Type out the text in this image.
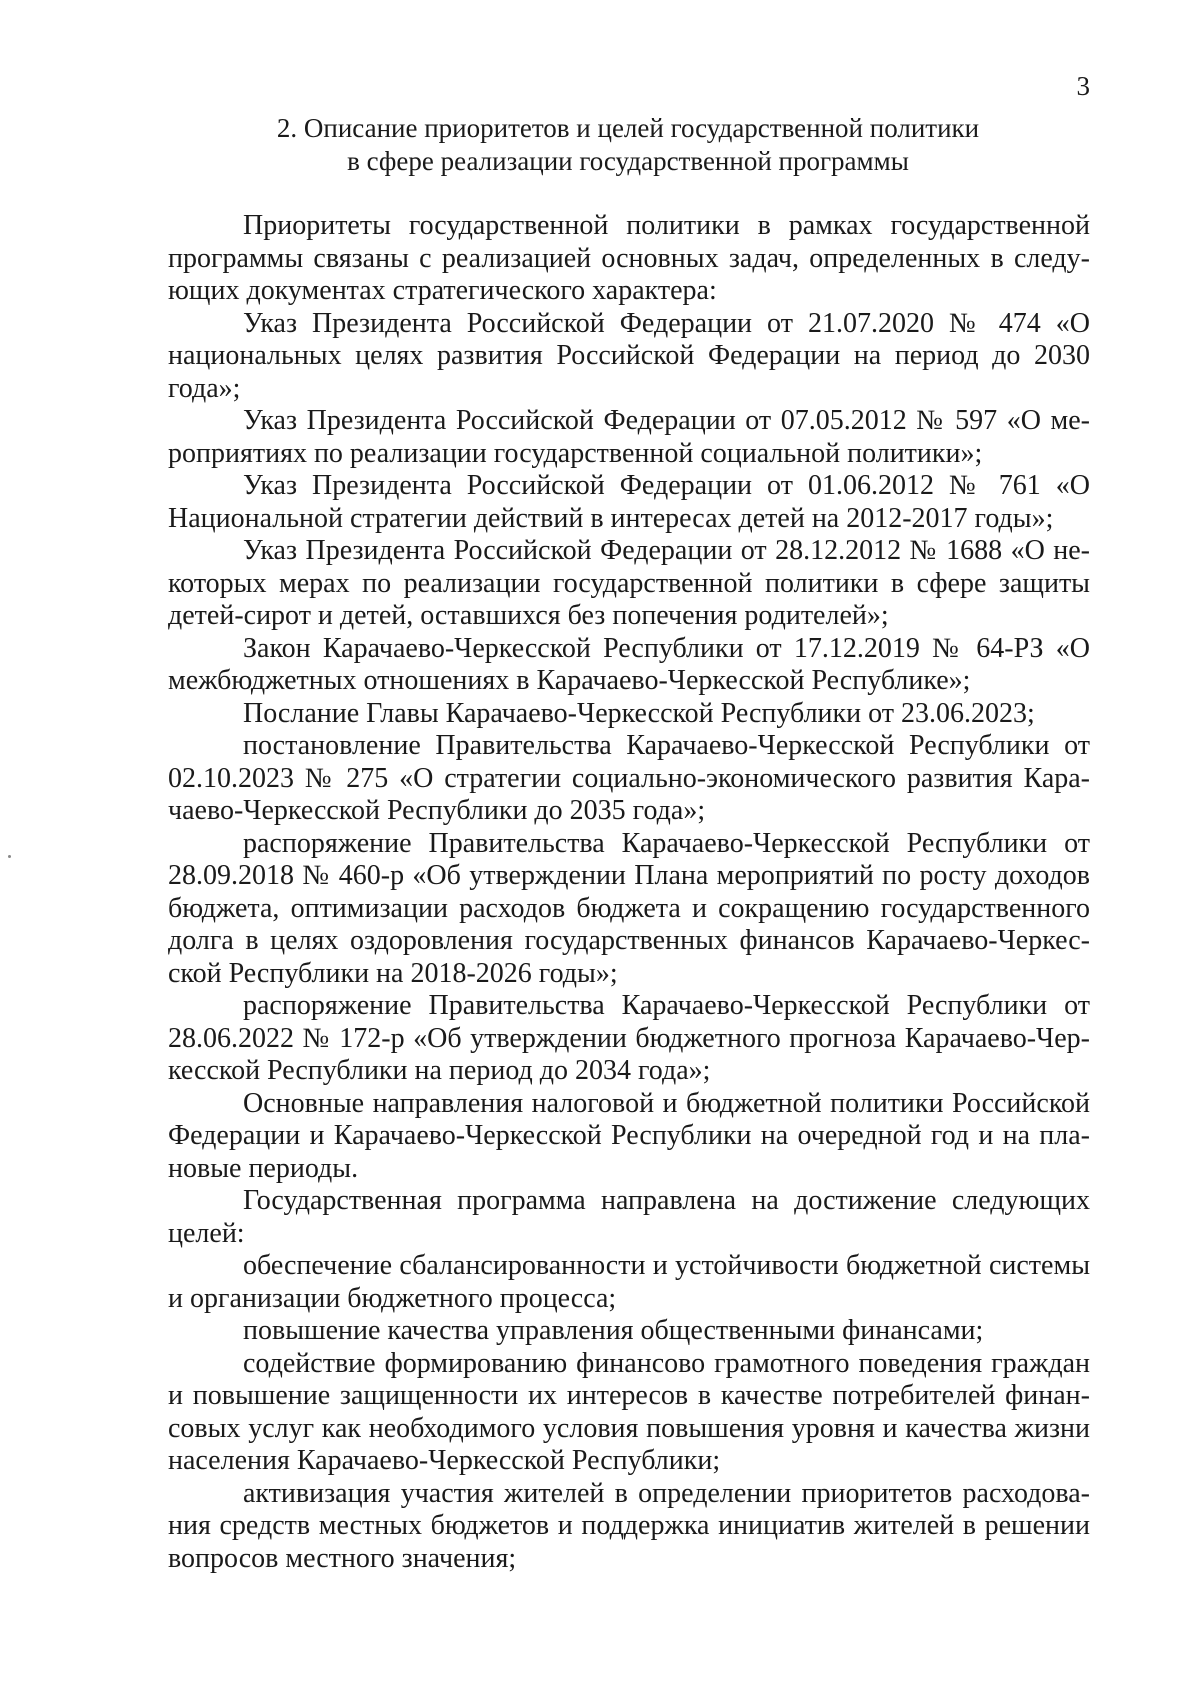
3
2. Описание приоритетов и целей государственной политики
в сфере реализации государственной программы

Приоритеты государственной политики в рамках государственной программы связаны с реализацией основных задач, определенных в следующих документах стратегического характера:

Указ Президента Российской Федерации от 21.07.2020 № 474 «О национальных целях развития Российской Федерации на период до 2030 года»;

Указ Президента Российской Федерации от 07.05.2012 № 597 «О мероприятиях по реализации государственной социальной политики»;

Указ Президента Российской Федерации от 01.06.2012 № 761 «О Национальной стратегии действий в интересах детей на 2012-2017 годы»;

Указ Президента Российской Федерации от 28.12.2012 № 1688 «О некоторых мерах по реализации государственной политики в сфере защиты детей-сирот и детей, оставшихся без попечения родителей»;

Закон Карачаево-Черкесской Республики от 17.12.2019 № 64-РЗ «О межбюджетных отношениях в Карачаево-Черкесской Республике»;

Послание Главы Карачаево-Черкесской Республики от 23.06.2023;

постановление Правительства Карачаево-Черкесской Республики от 02.10.2023 № 275 «О стратегии социально-экономического развития Карачаево-Черкесской Республики до 2035 года»;

распоряжение Правительства Карачаево-Черкесской Республики от 28.09.2018 № 460-р «Об утверждении Плана мероприятий по росту доходов бюджета, оптимизации расходов бюджета и сокращению государственного долга в целях оздоровления государственных финансов Карачаево-Черкесской Республики на 2018-2026 годы»;

распоряжение Правительства Карачаево-Черкесской Республики от 28.06.2022 № 172-р «Об утверждении бюджетного прогноза Карачаево-Черкесской Республики на период до 2034 года»;

Основные направления налоговой и бюджетной политики Российской Федерации и Карачаево-Черкесской Республики на очередной год и на плановые периоды.

Государственная программа направлена на достижение следующих целей:

обеспечение сбалансированности и устойчивости бюджетной системы и организации бюджетного процесса;

повышение качества управления общественными финансами;

содействие формированию финансово грамотного поведения граждан и повышение защищенности их интересов в качестве потребителей финансовых услуг как необходимого условия повышения уровня и качества жизни населения Карачаево-Черкесской Республики;

активизация участия жителей в определении приоритетов расходования средств местных бюджетов и поддержка инициатив жителей в решении вопросов местного значения;
